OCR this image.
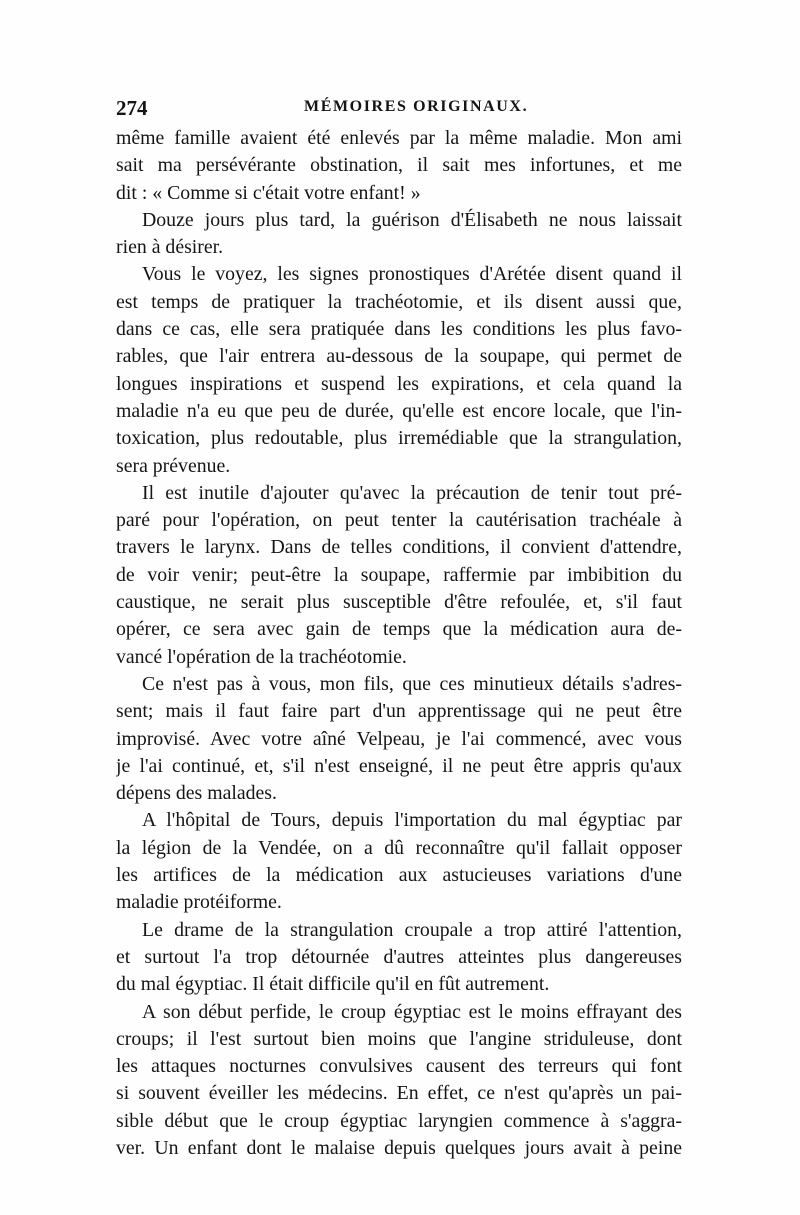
274	MÉMOIRES ORIGINAUX.
même famille avaient été enlevés par la même maladie. Mon ami
sait ma persévérante obstination, il sait mes infortunes, et me
dit : « Comme si c'était votre enfant! »
Douze jours plus tard, la guérison d'Élisabeth ne nous laissait
rien à désirer.
Vous le voyez, les signes pronostiques d'Arétée disent quand il
est temps de pratiquer la trachéotomie, et ils disent aussi que,
dans ce cas, elle sera pratiquée dans les conditions les plus favo-
rables, que l'air entrera au-dessous de la soupape, qui permet de
longues inspirations et suspend les expirations, et cela quand la
maladie n'a eu que peu de durée, qu'elle est encore locale, que l'in-
toxication, plus redoutable, plus irremédiable que la strangulation,
sera prévenue.
Il est inutile d'ajouter qu'avec la précaution de tenir tout pré-
paré pour l'opération, on peut tenter la cautérisation trachéale à
travers le larynx. Dans de telles conditions, il convient d'attendre,
de voir venir; peut-être la soupape, raffermie par imbibition du
caustique, ne serait plus susceptible d'être refoulée, et, s'il faut
opérer, ce sera avec gain de temps que la médication aura de-
vancé l'opération de la trachéotomie.
Ce n'est pas à vous, mon fils, que ces minutieux détails s'adres-
sent; mais il faut faire part d'un apprentissage qui ne peut être
improvisé. Avec votre aîné Velpeau, je l'ai commencé, avec vous
je l'ai continué, et, s'il n'est enseigné, il ne peut être appris qu'aux
dépens des malades.
A l'hôpital de Tours, depuis l'importation du mal égyptiac par
la légion de la Vendée, on a dû reconnaître qu'il fallait opposer
les artifices de la médication aux astucieuses variations d'une
maladie protéiforme.
Le drame de la strangulation croupale a trop attiré l'attention,
et surtout l'a trop détournée d'autres atteintes plus dangereuses
du mal égyptiac. Il était difficile qu'il en fût autrement.
A son début perfide, le croup égyptiac est le moins effrayant des
croups; il l'est surtout bien moins que l'angine striduleuse, dont
les attaques nocturnes convulsives causent des terreurs qui font
si souvent éveiller les médecins. En effet, ce n'est qu'après un pai-
sible début que le croup égyptiac laryngien commence à s'aggra-
ver. Un enfant dont le malaise depuis quelques jours avait à peine
